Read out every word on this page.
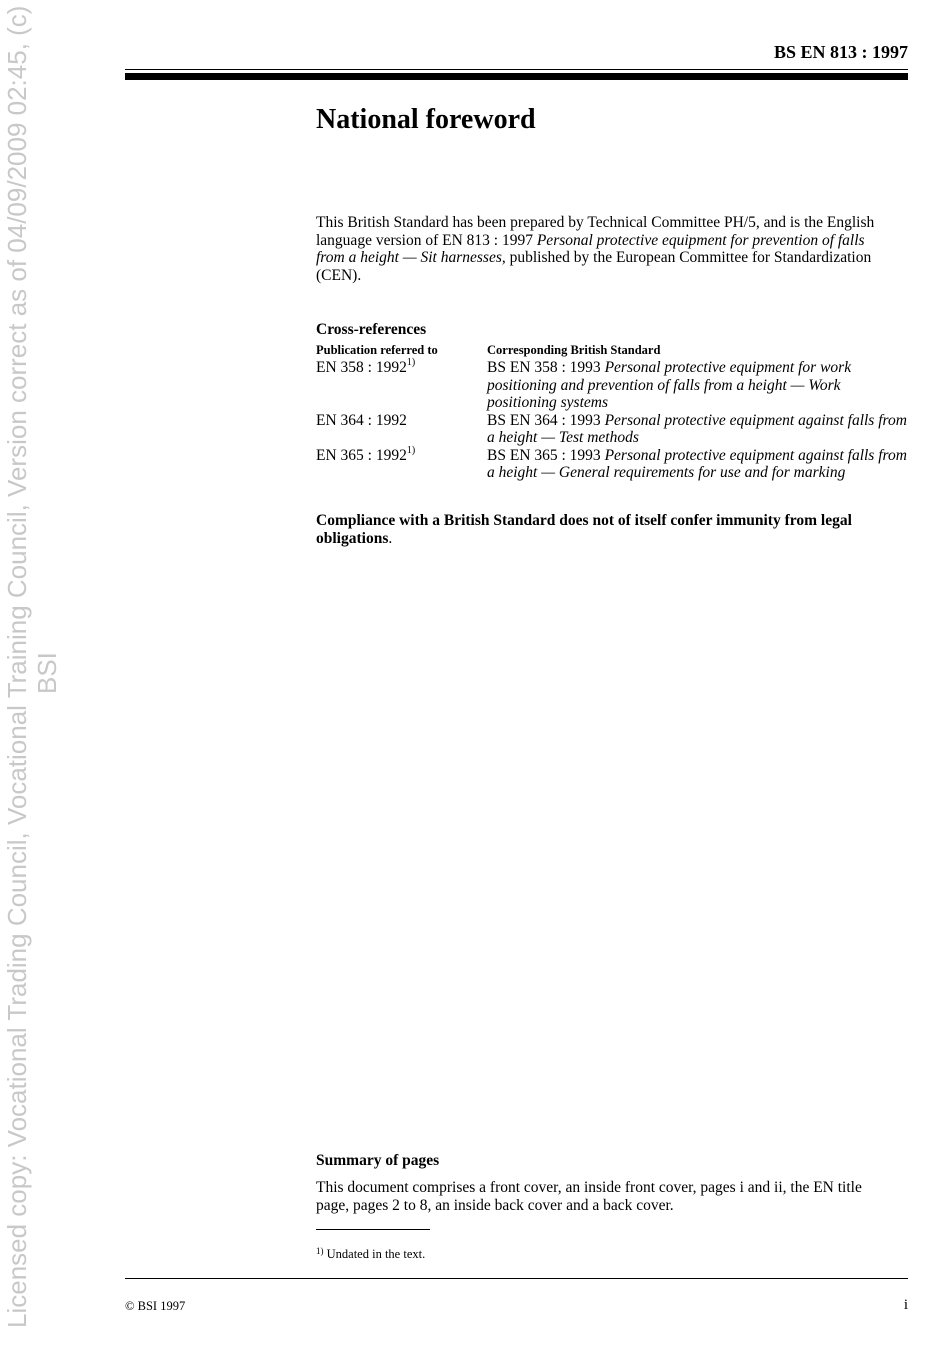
Licensed copy: Vocational Trading Council, Vocational Training Council, Version correct as of 04/09/2009 02:45, (c) BSI
BS EN 813 : 1997
National foreword

This British Standard has been prepared by Technical Committee PH/5, and is the English language version of EN 813 : 1997 Personal protective equipment for prevention of falls from a height — Sit harnesses, published by the European Committee for Standardization (CEN).

Cross-references
Publication referred to	Corresponding British Standard
EN 358 : 1992$^{1)}$	BS EN 358 : 1993 Personal protective equipment for work positioning and prevention of falls from a height — Work positioning systems
EN 364 : 1992	BS EN 364 : 1993 Personal protective equipment against falls from a height — Test methods
EN 365 : 1992$^{1)}$	BS EN 365 : 1993 Personal protective equipment against falls from a height — General requirements for use and for marking

Compliance with a British Standard does not of itself confer immunity from legal obligations.

Summary of pages

This document comprises a front cover, an inside front cover, pages i and ii, the EN title page, pages 2 to 8, an inside back cover and a back cover.

$^{1)}$ Undated in the text.
© BSI 1997	i
